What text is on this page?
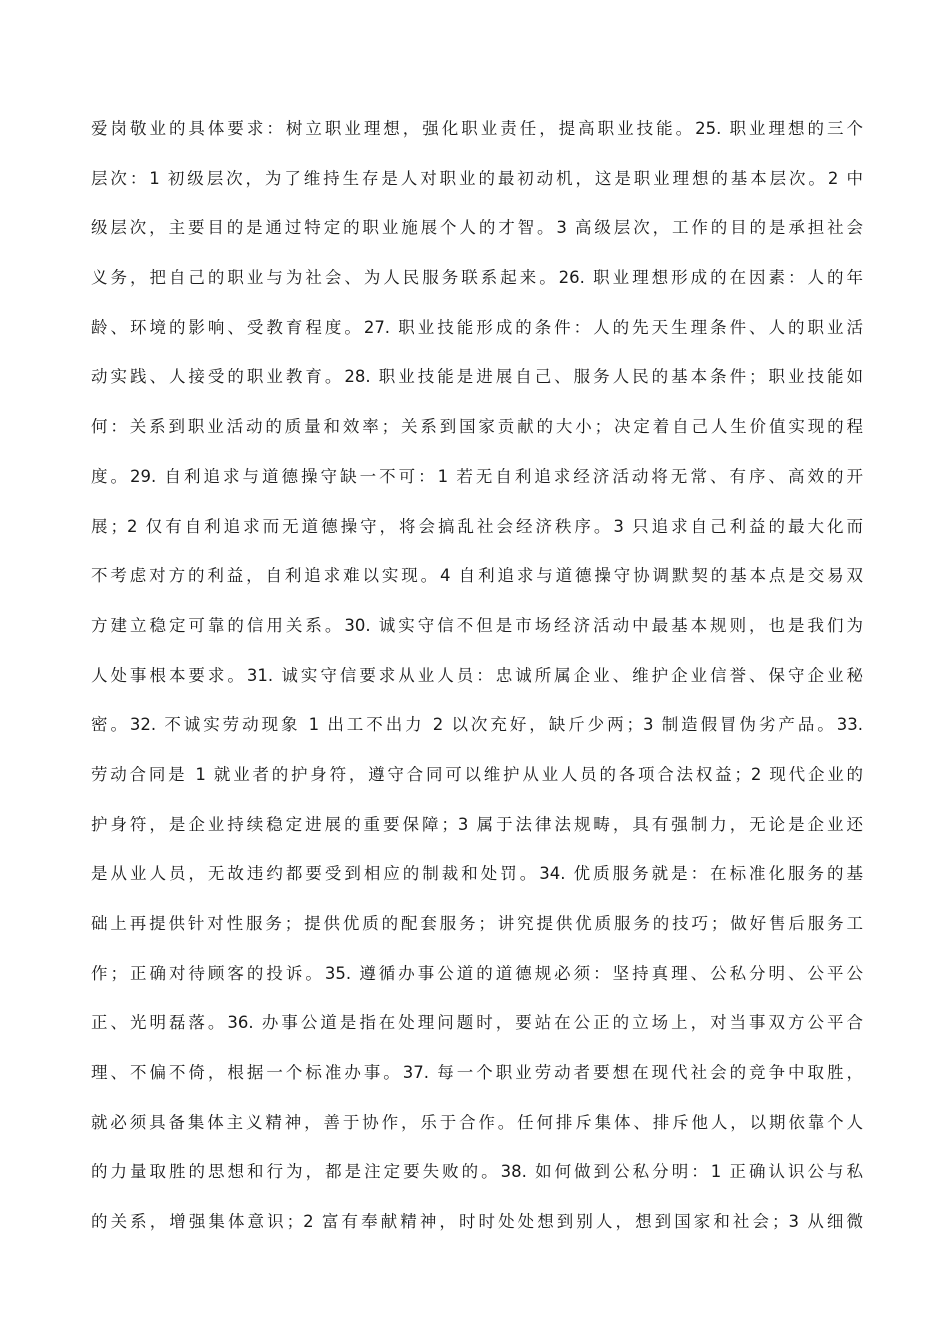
爱岗敬业的具体要求：树立职业理想，强化职业责任，提高职业技能。25. 职业理想的三个
层次：1 初级层次，为了维持生存是人对职业的最初动机，这是职业理想的基本层次。2 中
级层次，主要目的是通过特定的职业施展个人的才智。3 高级层次，工作的目的是承担社会
义务，把自己的职业与为社会、为人民服务联系起来。26. 职业理想形成的在因素：人的年
龄、环境的影响、受教育程度。27. 职业技能形成的条件：人的先天生理条件、人的职业活
动实践、人接受的职业教育。28. 职业技能是进展自己、服务人民的基本条件；职业技能如
何：关系到职业活动的质量和效率；关系到国家贡献的大小；决定着自己人生价值实现的程
度。29. 自利追求与道德操守缺一不可：1 若无自利追求经济活动将无常、有序、高效的开
展；2 仅有自利追求而无道德操守，将会搞乱社会经济秩序。3 只追求自己利益的最大化而
不考虑对方的利益，自利追求难以实现。4 自利追求与道德操守协调默契的基本点是交易双
方建立稳定可靠的信用关系。30. 诚实守信不但是市场经济活动中最基本规则，也是我们为
人处事根本要求。31. 诚实守信要求从业人员：忠诚所属企业、维护企业信誉、保守企业秘
密。32. 不诚实劳动现象 1 出工不出力 2 以次充好，缺斤少两；3 制造假冒伪劣产品。33.
劳动合同是 1 就业者的护身符，遵守合同可以维护从业人员的各项合法权益；2 现代企业的
护身符，是企业持续稳定进展的重要保障；3 属于法律法规畴，具有强制力，无论是企业还
是从业人员，无故违约都要受到相应的制裁和处罚。34. 优质服务就是：在标准化服务的基
础上再提供针对性服务；提供优质的配套服务；讲究提供优质服务的技巧；做好售后服务工
作；正确对待顾客的投诉。35. 遵循办事公道的道德规必须：坚持真理、公私分明、公平公
正、光明磊落。36. 办事公道是指在处理问题时，要站在公正的立场上，对当事双方公平合
理、不偏不倚，根据一个标准办事。37. 每一个职业劳动者要想在现代社会的竞争中取胜，
就必须具备集体主义精神，善于协作，乐于合作。任何排斥集体、排斥他人，以期依靠个人
的力量取胜的思想和行为，都是注定要失败的。38. 如何做到公私分明：1 正确认识公与私
的关系，增强集体意识；2 富有奉献精神，时时处处想到别人，想到国家和社会；3 从细微
